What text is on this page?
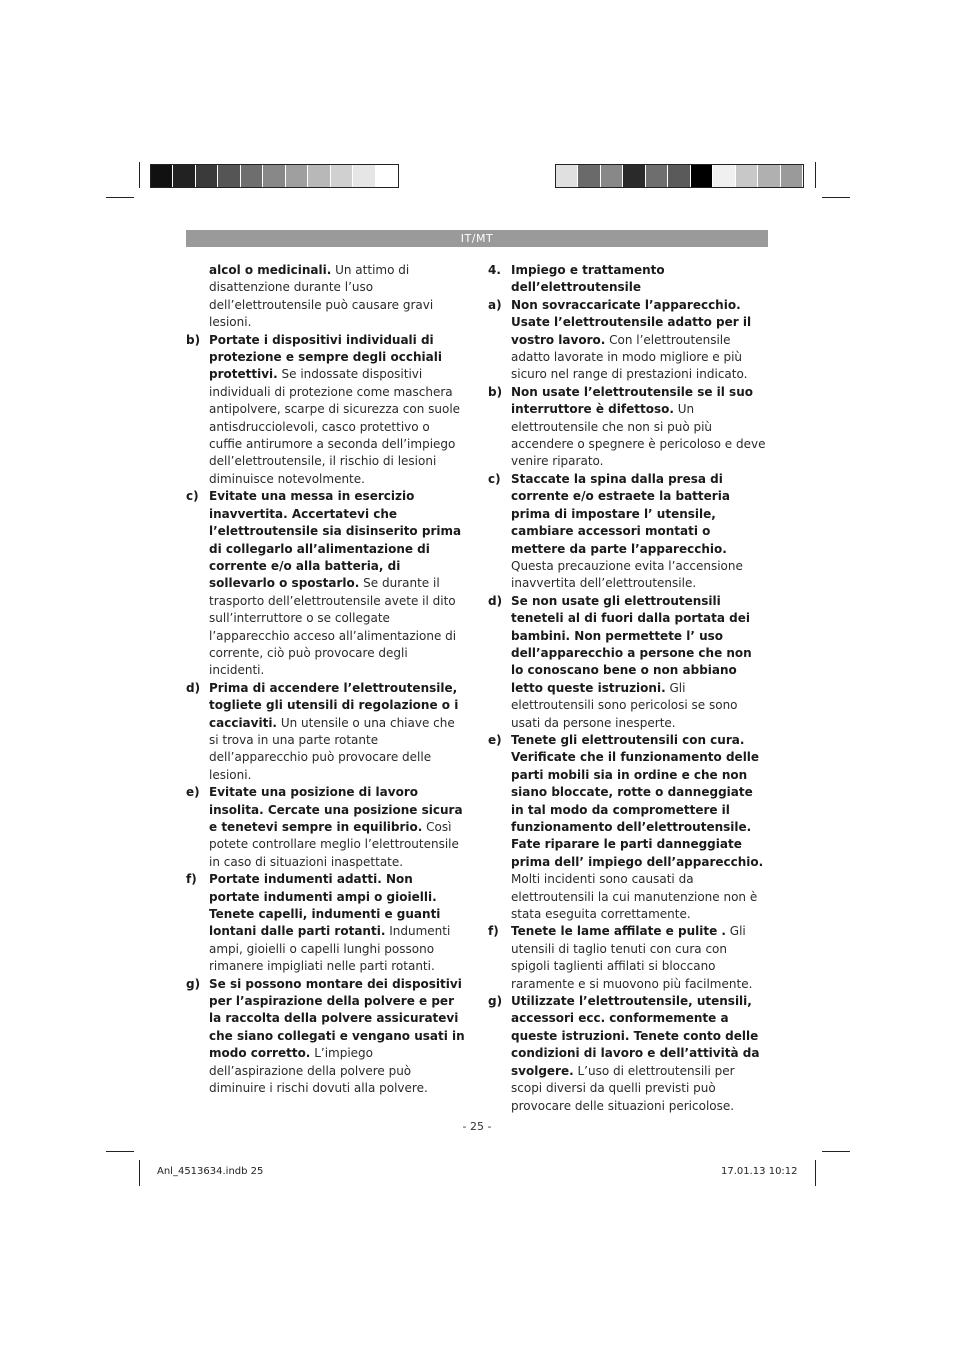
IT/MT
alcol o medicinali. Un attimo di disattenzione durante l’uso dell’elettroutensile può causare gravi lesioni.
b) Portate i dispositivi individuali di protezione e sempre degli occhiali protettivi. Se indossate dispositivi individuali di protezione come maschera antipolvere, scarpe di sicurezza con suole antisdrucciolevoli, casco protettivo o cuffie antirumore a seconda dell’impiego dell’elettroutensile, il rischio di lesioni diminuisce notevolmente.
c) Evitate una messa in esercizio inavvertita. Accertatevi che l’elettroutensile sia disinserito prima di collegarlo all’alimentazione di corrente e/o alla batteria, di sollevarlo o spostarlo. Se durante il trasporto dell’elettroutensile avete il dito sull’interruttore o se collegate l’apparecchio acceso all’alimentazione di corrente, ciò può provocare degli incidenti.
d) Prima di accendere l’elettroutensile, togliete gli utensili di regolazione o i cacciaviti. Un utensile o una chiave che si trova in una parte rotante dell’apparecchio può provocare delle lesioni.
e) Evitate una posizione di lavoro insolita. Cercate una posizione sicura e tenetevi sempre in equilibrio. Così potete controllare meglio l’elettroutensile in caso di situazioni inaspettate.
f)	Portate indumenti adatti. Non portate indumenti ampi o gioielli. Tenete capelli, indumenti e guanti lontani dalle parti rotanti. Indumenti ampi, gioielli o capelli lunghi possono rimanere impigliati nelle parti rotanti.
g) Se si possono montare dei dispositivi per l’aspirazione della polvere e per la raccolta della polvere assicuratevi che siano collegati e vengano usati in modo corretto. L’impiego dell’aspirazione della polvere può diminuire i rischi dovuti alla polvere.
4. Impiego e trattamento dell’elettroutensile
a) Non sovraccaricate l’apparecchio. Usate l’elettroutensile adatto per il vostro lavoro. Con l’elettroutensile adatto lavorate in modo migliore e più sicuro nel range di prestazioni indicato.
b) Non usate l’elettroutensile se il suo interruttore è difettoso. Un elettroutensile che non si può più accendere o spegnere è pericoloso e deve venire riparato.
c) Staccate la spina dalla presa di corrente e/o estraete la batteria prima di impostare l’ utensile, cambiare accessori montati o mettere da parte l’apparecchio. Questa precauzione evita l’accensione inavvertita dell’elettroutensile.
d) Se non usate gli elettroutensili teneteli al di fuori dalla portata dei bambini. Non permettete l’ uso dell’apparecchio a persone che non lo conoscano bene o non abbiano letto queste istruzioni. Gli elettroutensili sono pericolosi se sono usati da persone inesperte.
e) Tenete gli elettroutensili con cura. Verificate che il funzionamento delle parti mobili sia in ordine e che non siano bloccate, rotte o danneggiate in tal modo da compromettere il funzionamento dell’elettroutensile. Fate riparare le parti danneggiate prima dell’ impiego dell’apparecchio. Molti incidenti sono causati da elettroutensili la cui manutenzione non è stata eseguita correttamente.
f)	Tenete le lame affilate e pulite . Gli utensili di taglio tenuti con cura con spigoli taglienti affilati si bloccano raramente e si muovono più facilmente.
g) Utilizzate l’elettroutensile, utensili, accessori ecc. conformemente a queste istruzioni. Tenete conto delle condizioni di lavoro e dell’attività da svolgere. L’uso di elettroutensili per scopi diversi da quelli previsti può provocare delle situazioni pericolose.
- 25 -
Anl_4513634.indb 25	17.01.13 10:12
